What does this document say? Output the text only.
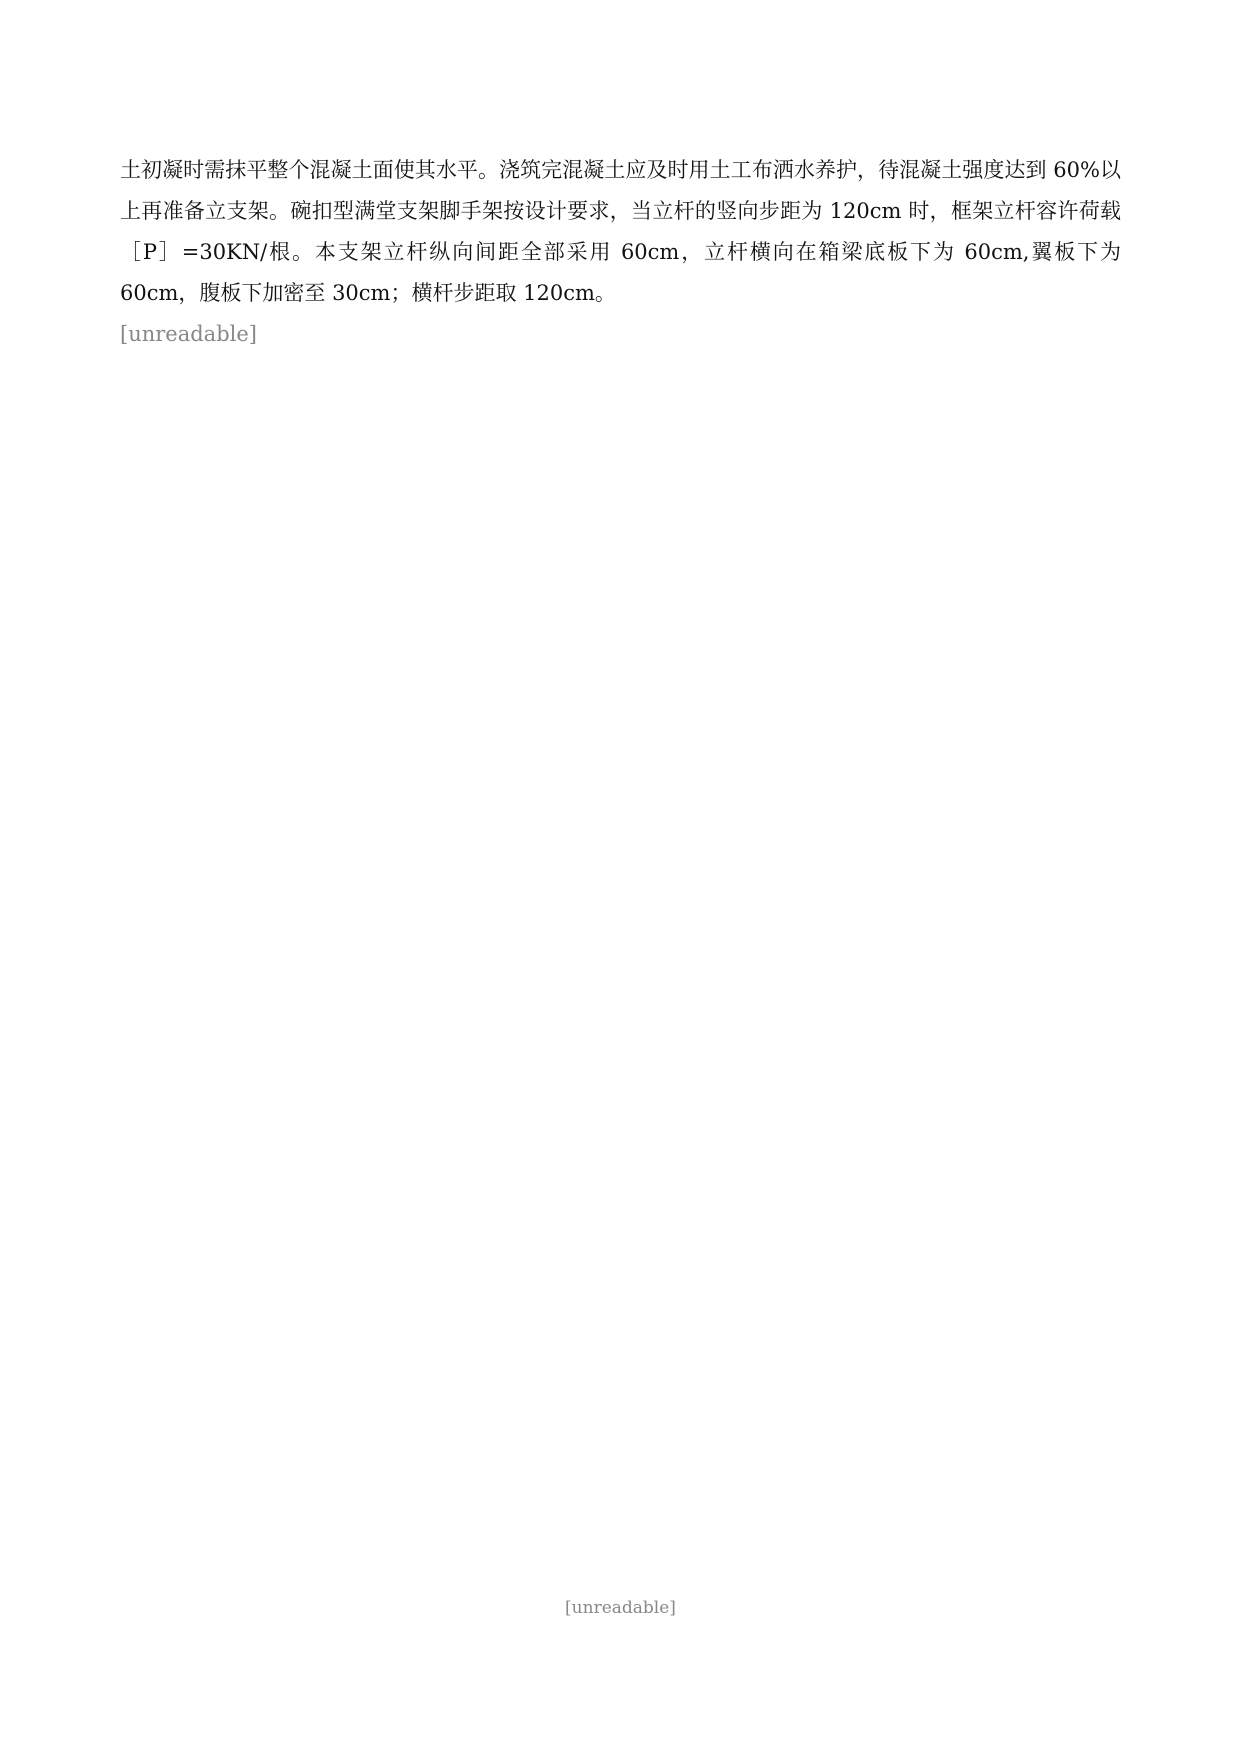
土初凝时需抹平整个混凝土面使其水平。浇筑完混凝土应及时用土工布洒水养护，待混凝土强度达到 60%以上再准备立支架。碗扣型满堂支架脚手架按设计要求，当立杆的竖向步距为 120cm 时，框架立杆容许荷载［P］=30KN/根。本支架立杆纵向间距全部采用 60cm，立杆横向在箱梁底板下为 60cm,翼板下为 60cm，腹板下加密至 30cm；横杆步距取 120cm。

[unreadable]

[unreadable]
